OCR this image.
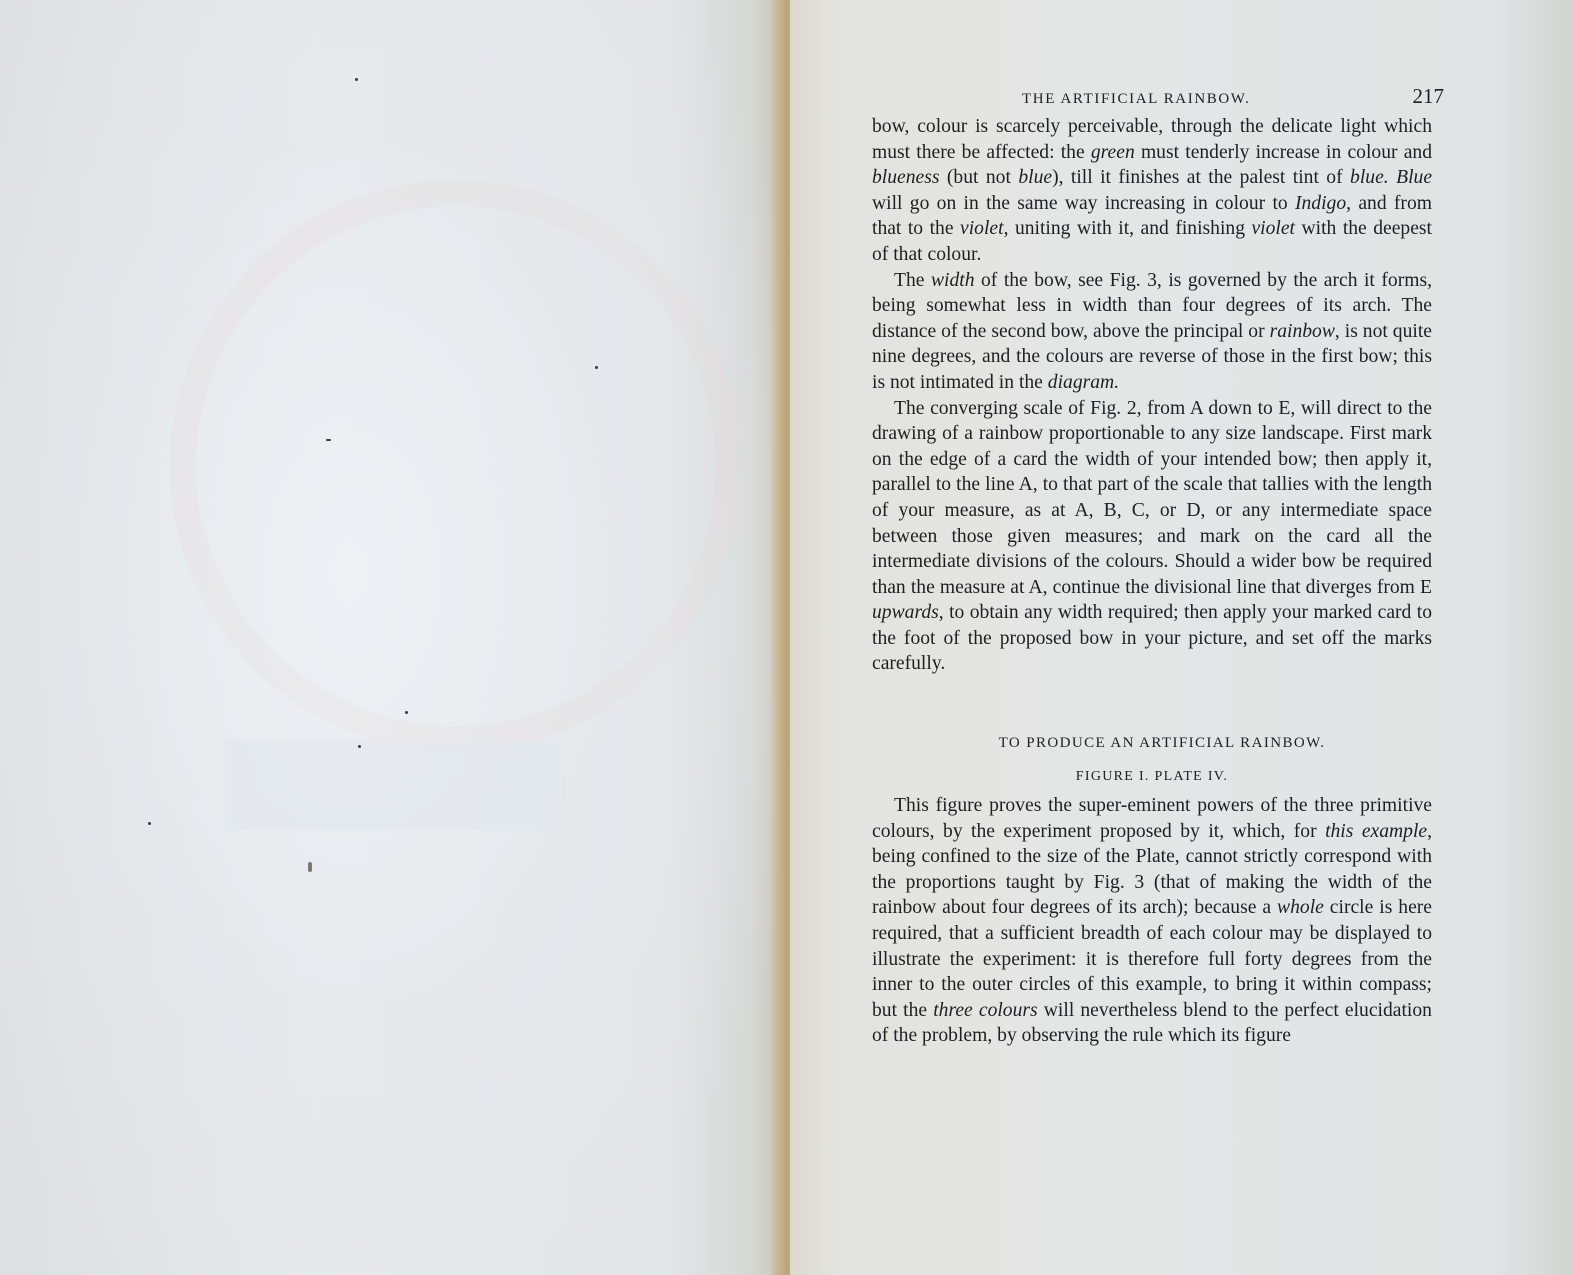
THE ARTIFICIAL RAINBOW.	217

bow, colour is scarcely perceivable, through the delicate light which must there be affected: the green must tenderly increase in colour and blueness (but not blue), till it finishes at the palest tint of blue. Blue will go on in the same way increasing in colour to Indigo, and from that to the violet, uniting with it, and finishing violet with the deepest of that colour.

The width of the bow, see Fig. 3, is governed by the arch it forms, being somewhat less in width than four degrees of its arch. The distance of the second bow, above the principal or rainbow, is not quite nine degrees, and the colours are reverse of those in the first bow; this is not intimated in the diagram.

The converging scale of Fig. 2, from A down to E, will direct to the drawing of a rainbow proportionable to any size landscape. First mark on the edge of a card the width of your intended bow; then apply it, parallel to the line A, to that part of the scale that tallies with the length of your measure, as at A, B, C, or D, or any intermediate space between those given measures; and mark on the card all the intermediate divisions of the colours. Should a wider bow be required than the measure at A, continue the divisional line that diverges from E upwards, to obtain any width required; then apply your marked card to the foot of the proposed bow in your picture, and set off the marks carefully.

TO PRODUCE AN ARTIFICIAL RAINBOW.
FIGURE I. PLATE IV.

This figure proves the super-eminent powers of the three primitive colours, by the experiment proposed by it, which, for this example, being confined to the size of the Plate, cannot strictly correspond with the proportions taught by Fig. 3 (that of making the width of the rainbow about four degrees of its arch); because a whole circle is here required, that a sufficient breadth of each colour may be displayed to illustrate the experiment: it is therefore full forty degrees from the inner to the outer circles of this example, to bring it within compass; but the three colours will nevertheless blend to the perfect elucidation of the problem, by observing the rule which its figure
